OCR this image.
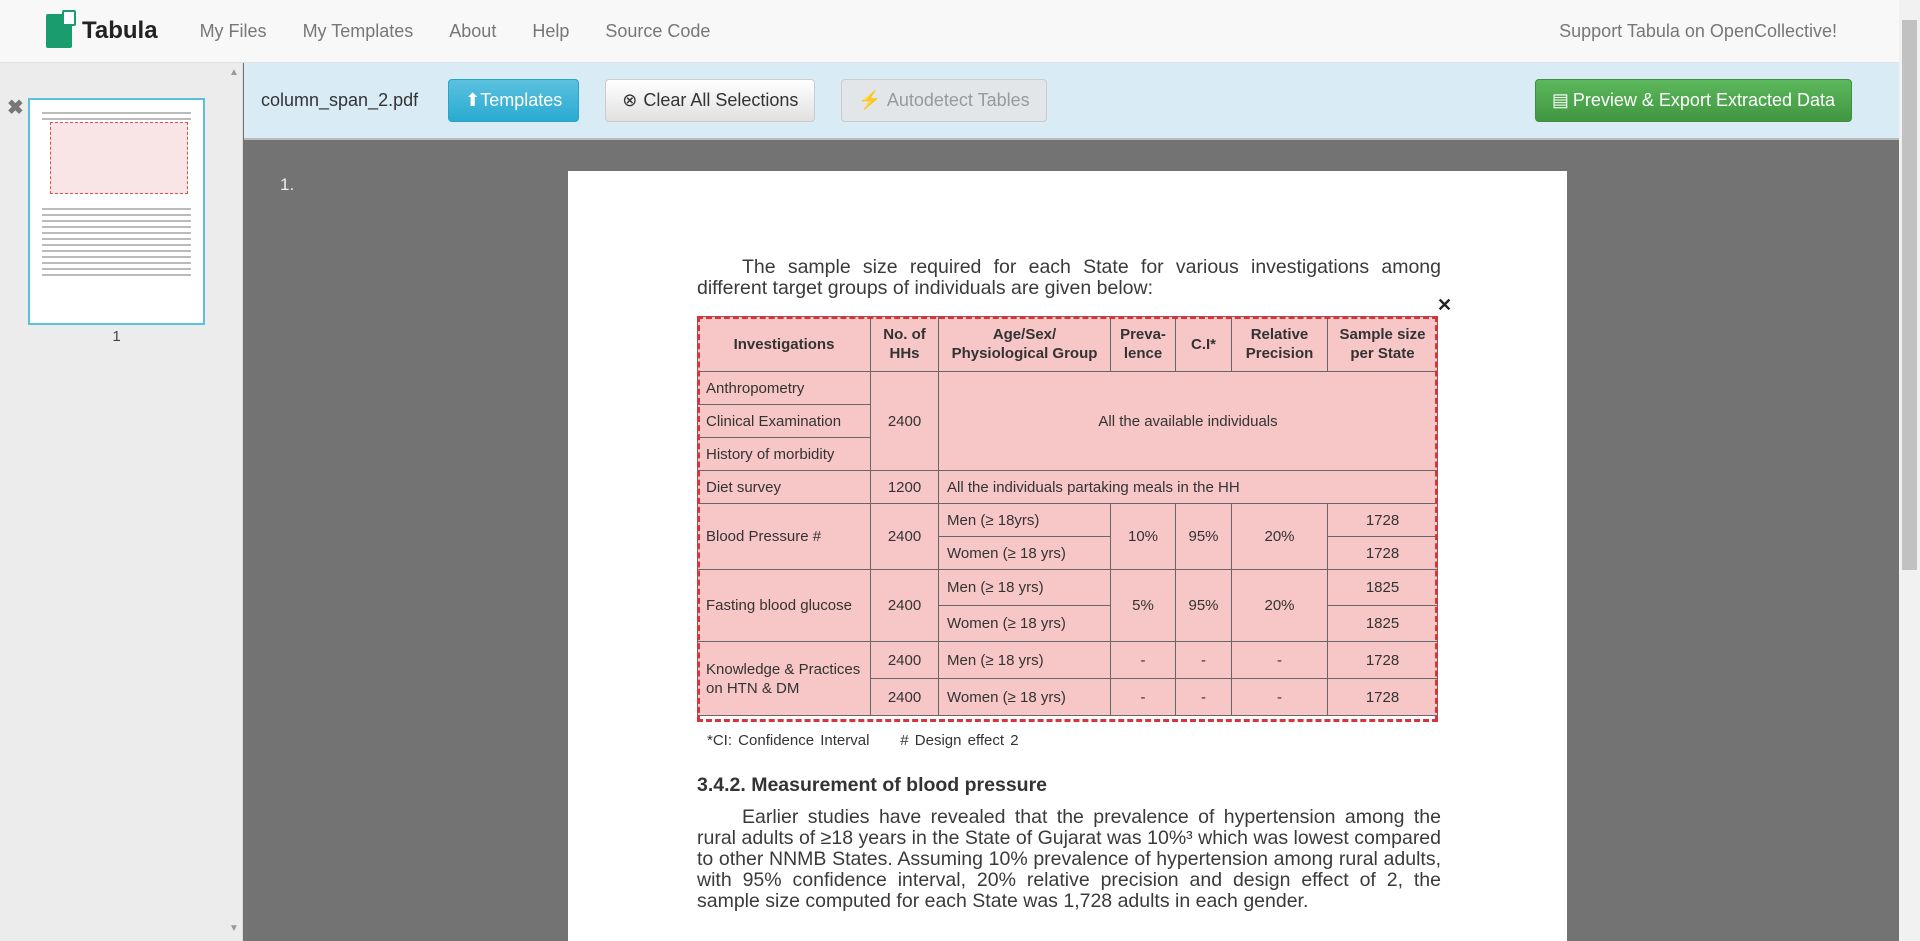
Tabula My Files My Templates About Help Source Code	Support Tabula on OpenCollective!
▲
✖
1
▼
column_span_2.pdf	⬆ Templates	⊗ Clear All Selections	⚡ Autodetect Tables	▤ Preview & Export Extracted Data
1.

The sample size required for each State for various investigations among different target groups of individuals are given below:

Investigations	No. of HHs	Age/Sex/ Physiological Group	Preva- lence	C.I*	Relative Precision	Sample size per State
Anthropometry	2400	All the available individuals				
Clinical Examination						
History of morbidity						
Diet survey	1200	All the individuals partaking meals in the HH				
Blood Pressure #	2400	Men (≥ 18yrs)	10%	95%	20%	1728
		Women (≥ 18 yrs)				1728
Fasting blood glucose	2400	Men (≥ 18 yrs)	5%	95%	20%	1825
		Women (≥ 18 yrs)				1825
Knowledge & Practices on HTN & DM	2400	Men (≥ 18 yrs)	-	-	-	1728
	2400	Women (≥ 18 yrs)	-	-	-	1728
✕
*CI: Confidence Interval     # Design effect 2
3.4.2. Measurement of blood pressure

Earlier studies have revealed that the prevalence of hypertension among the rural adults of ≥18 years in the State of Gujarat was 10%³ which was lowest compared to other NNMB States. Assuming 10% prevalence of hypertension among rural adults, with 95% confidence interval, 20% relative precision and design effect of 2, the sample size computed for each State was 1,728 adults in each gender.
